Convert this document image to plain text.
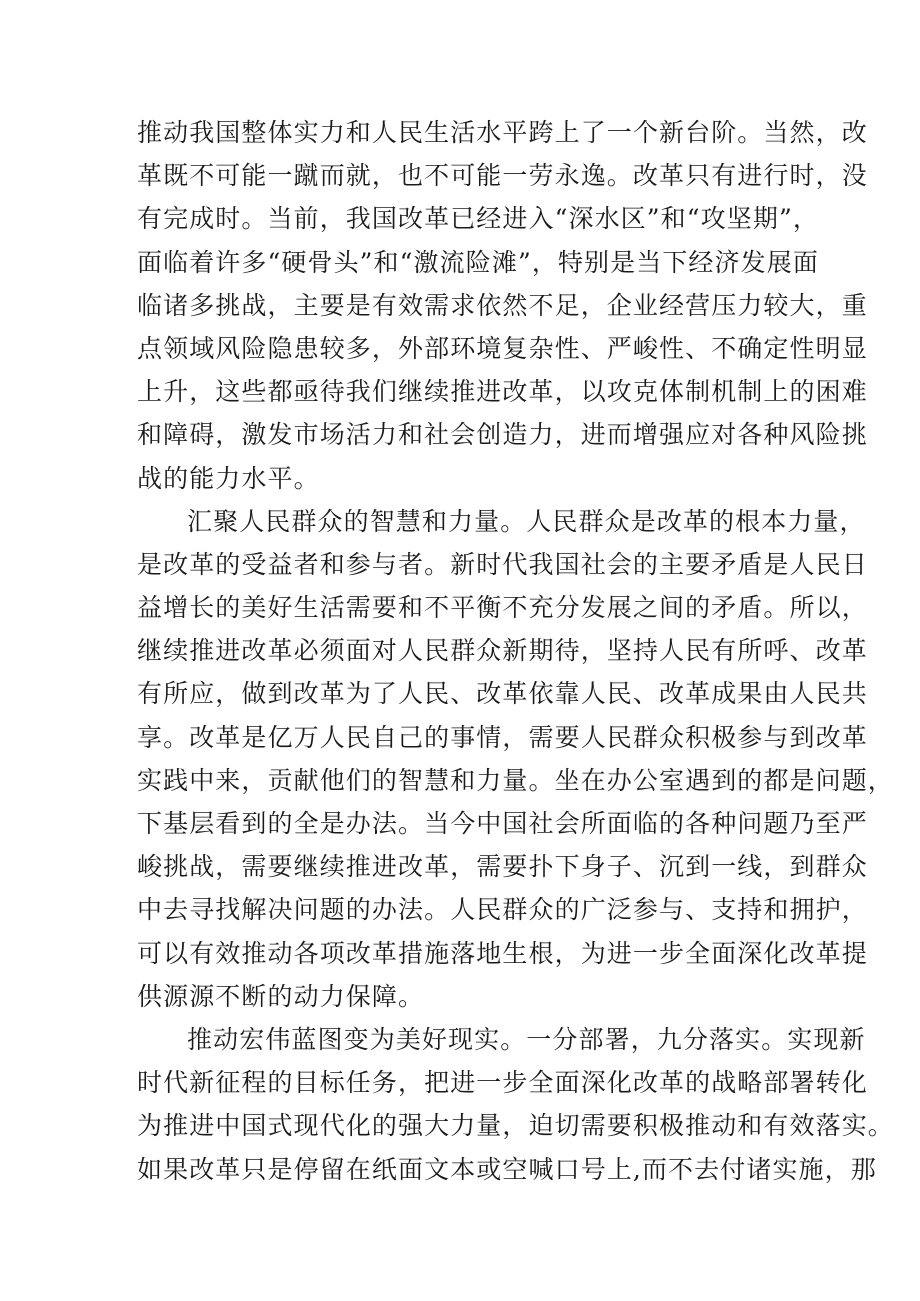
推动我国整体实力和人民生活水平跨上了一个新台阶。当然，改
革既不可能一蹴而就，也不可能一劳永逸。改革只有进行时，没
有完成时。当前，我国改革已经进入“深水区”和“攻坚期”，
面临着许多“硬骨头”和“激流险滩”，特别是当下经济发展面
临诸多挑战，主要是有效需求依然不足，企业经营压力较大，重
点领域风险隐患较多，外部环境复杂性、严峻性、不确定性明显
上升，这些都亟待我们继续推进改革，以攻克体制机制上的困难
和障碍，激发市场活力和社会创造力，进而增强应对各种风险挑
战的能力水平。
汇聚人民群众的智慧和力量。人民群众是改革的根本力量，
是改革的受益者和参与者。新时代我国社会的主要矛盾是人民日
益增长的美好生活需要和不平衡不充分发展之间的矛盾。所以，
继续推进改革必须面对人民群众新期待，坚持人民有所呼、改革
有所应，做到改革为了人民、改革依靠人民、改革成果由人民共
享。改革是亿万人民自己的事情，需要人民群众积极参与到改革
实践中来，贡献他们的智慧和力量。坐在办公室遇到的都是问题，
下基层看到的全是办法。当今中国社会所面临的各种问题乃至严
峻挑战，需要继续推进改革，需要扑下身子、沉到一线，到群众
中去寻找解决问题的办法。人民群众的广泛参与、支持和拥护，
可以有效推动各项改革措施落地生根，为进一步全面深化改革提
供源源不断的动力保障。
推动宏伟蓝图变为美好现实。一分部署，九分落实。实现新
时代新征程的目标任务，把进一步全面深化改革的战略部署转化
为推进中国式现代化的强大力量，迫切需要积极推动和有效落实。
如果改革只是停留在纸面文本或空喊口号上,而不去付诸实施，那
